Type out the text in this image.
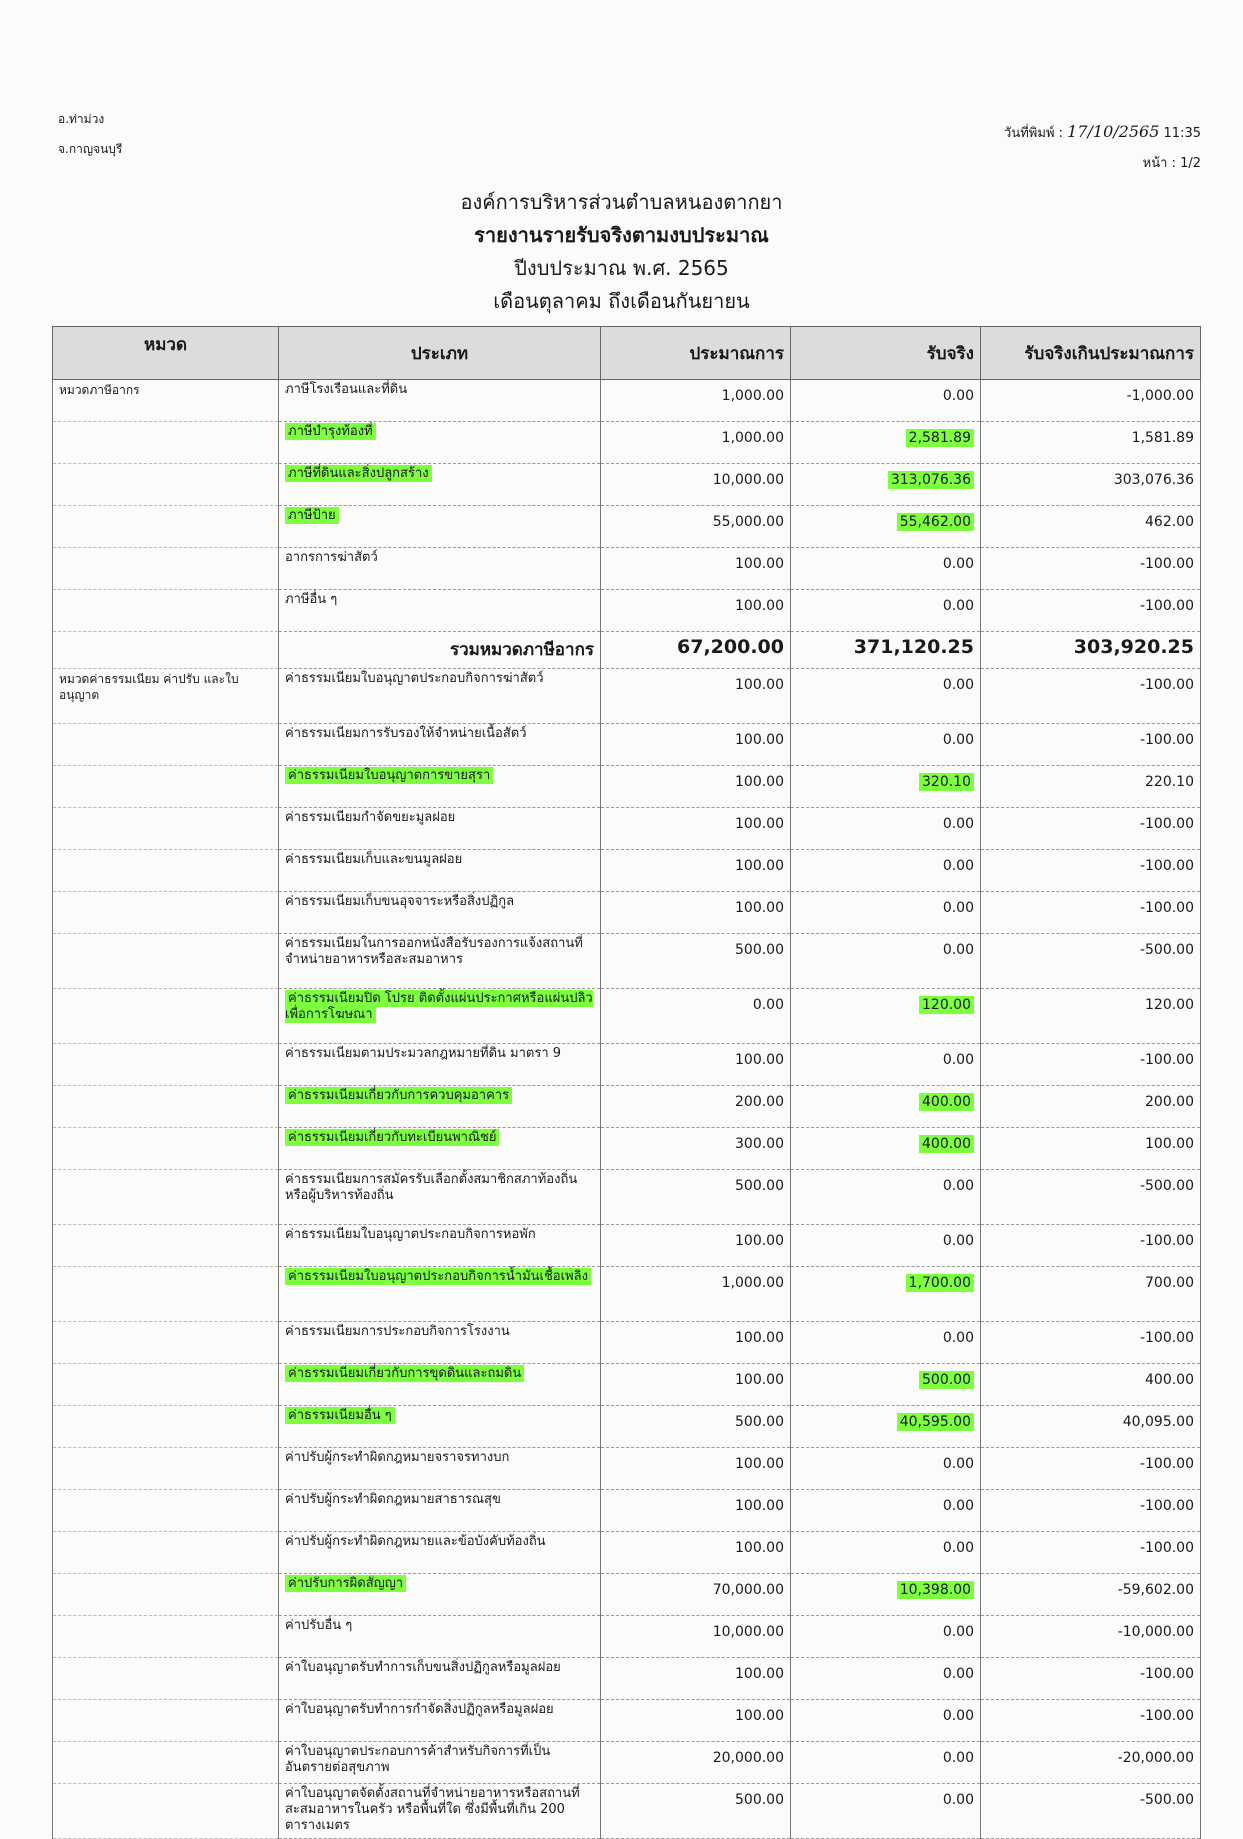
อ.ท่าม่วง
จ.กาญจนบุรี
วันที่พิมพ์ : 17/10/2565 11:35
หน้า : 1/2
องค์การบริหารส่วนตำบลหนองตากยา
รายงานรายรับจริงตามงบประมาณ
ปีงบประมาณ พ.ศ. 2565
เดือนตุลาคม ถึงเดือนกันยายน
หมวด	ประเภท	ประมาณการ	รับจริง	รับจริงเกินประมาณการ
หมวดภาษีอากร	ภาษีโรงเรือนและที่ดิน	1,000.00	0.00	-1,000.00
	ภาษีบำรุงท้องที่	1,000.00	2,581.89	1,581.89
	ภาษีที่ดินและสิ่งปลูกสร้าง	10,000.00	313,076.36	303,076.36
	ภาษีป้าย	55,000.00	55,462.00	462.00
	อากรการฆ่าสัตว์	100.00	0.00	-100.00
	ภาษีอื่น ๆ	100.00	0.00	-100.00
	รวมหมวดภาษีอากร	67,200.00	371,120.25	303,920.25
หมวดค่าธรรมเนียม ค่าปรับ และใบอนุญาต	ค่าธรรมเนียมใบอนุญาตประกอบกิจการฆ่าสัตว์	100.00	0.00	-100.00
	ค่าธรรมเนียมการรับรองให้จำหน่ายเนื้อสัตว์	100.00	0.00	-100.00
	ค่าธรรมเนียมใบอนุญาตการขายสุรา	100.00	320.10	220.10
	ค่าธรรมเนียมกำจัดขยะมูลฝอย	100.00	0.00	-100.00
	ค่าธรรมเนียมเก็บและขนมูลฝอย	100.00	0.00	-100.00
	ค่าธรรมเนียมเก็บขนอุจจาระหรือสิ่งปฏิกูล	100.00	0.00	-100.00
	ค่าธรรมเนียมในการออกหนังสือรับรองการแจ้งสถานที่จำหน่ายอาหารหรือสะสมอาหาร	500.00	0.00	-500.00
	ค่าธรรมเนียมปิด โปรย ติดตั้งแผ่นประกาศหรือแผ่นปลิว เพื่อการโฆษณา	0.00	120.00	120.00
	ค่าธรรมเนียมตามประมวลกฎหมายที่ดิน มาตรา 9	100.00	0.00	-100.00
	ค่าธรรมเนียมเกี่ยวกับการควบคุมอาคาร	200.00	400.00	200.00
	ค่าธรรมเนียมเกี่ยวกับทะเบียนพาณิชย์	300.00	400.00	100.00
	ค่าธรรมเนียมการสมัครรับเลือกตั้งสมาชิกสภาท้องถิ่นหรือผู้บริหารท้องถิ่น	500.00	0.00	-500.00
	ค่าธรรมเนียมใบอนุญาตประกอบกิจการหอพัก	100.00	0.00	-100.00
	ค่าธรรมเนียมใบอนุญาตประกอบกิจการน้ำมันเชื้อเพลิง	1,000.00	1,700.00	700.00
	ค่าธรรมเนียมการประกอบกิจการโรงงาน	100.00	0.00	-100.00
	ค่าธรรมเนียมเกี่ยวกับการขุดดินและถมดิน	100.00	500.00	400.00
	ค่าธรรมเนียมอื่น ๆ	500.00	40,595.00	40,095.00
	ค่าปรับผู้กระทำผิดกฎหมายจราจรทางบก	100.00	0.00	-100.00
	ค่าปรับผู้กระทำผิดกฎหมายสาธารณสุข	100.00	0.00	-100.00
	ค่าปรับผู้กระทำผิดกฎหมายและข้อบังคับท้องถิ่น	100.00	0.00	-100.00
	ค่าปรับการผิดสัญญา	70,000.00	10,398.00	-59,602.00
	ค่าปรับอื่น ๆ	10,000.00	0.00	-10,000.00
	ค่าใบอนุญาตรับทำการเก็บขนสิ่งปฏิกูลหรือมูลฝอย	100.00	0.00	-100.00
	ค่าใบอนุญาตรับทำการกำจัดสิ่งปฏิกูลหรือมูลฝอย	100.00	0.00	-100.00
	ค่าใบอนุญาตประกอบการค้าสำหรับกิจการที่เป็นอันตรายต่อสุขภาพ	20,000.00	0.00	-20,000.00
	ค่าใบอนุญาตจัดตั้งสถานที่จำหน่ายอาหารหรือสถานที่สะสมอาหารในครัว หรือพื้นที่ใด ซึ่งมีพื้นที่เกิน 200 ตารางเมตร	500.00	0.00	-500.00
